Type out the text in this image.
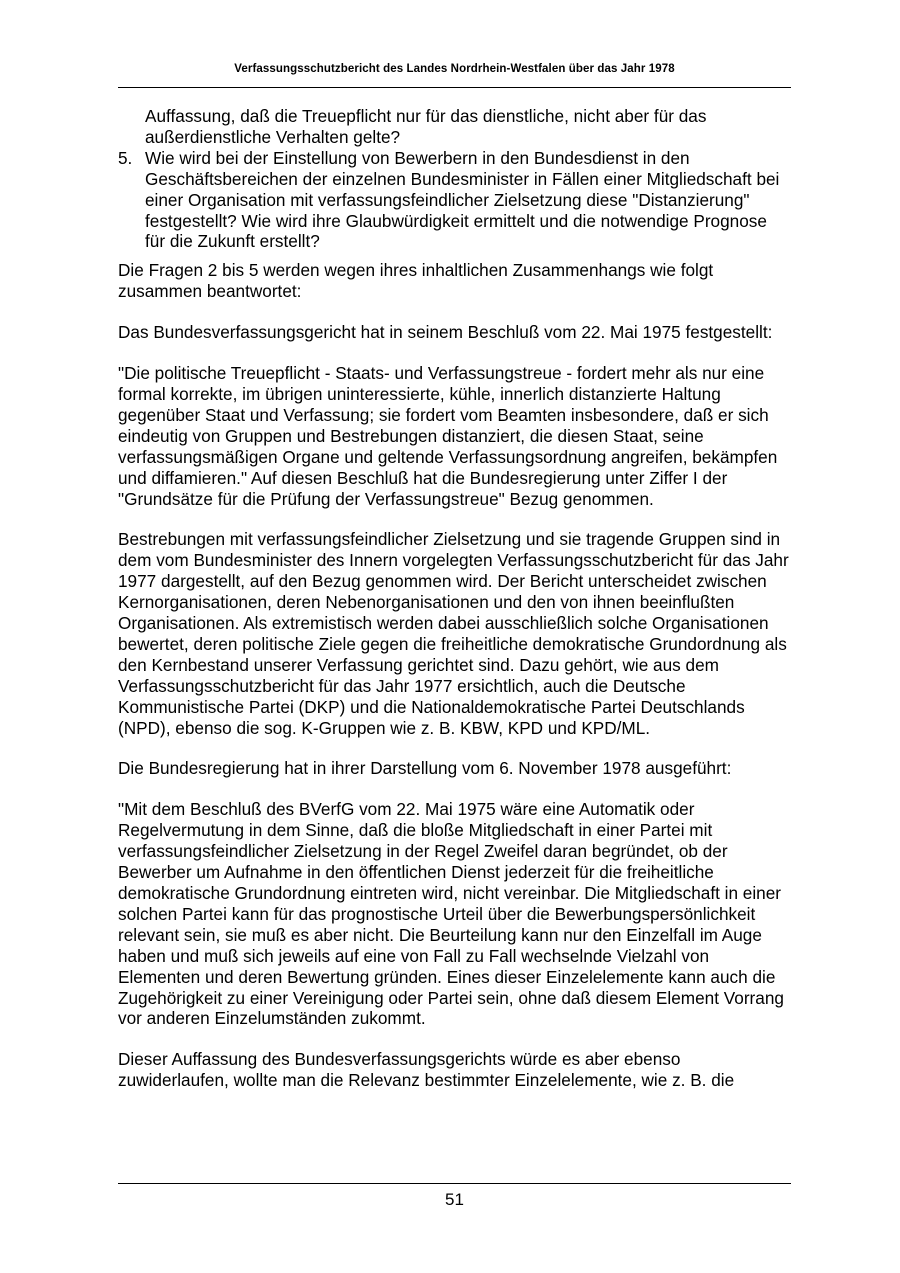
Verfassungsschutzbericht des Landes Nordrhein-Westfalen über das Jahr 1978

Auffassung, daß die Treuepflicht nur für das dienstliche, nicht aber für das außerdienstliche Verhalten gelte?

5. Wie wird bei der Einstellung von Bewerbern in den Bundesdienst in den Geschäftsbereichen der einzelnen Bundesminister in Fällen einer Mitgliedschaft bei einer Organisation mit verfassungsfeindlicher Zielsetzung diese "Distanzierung" festgestellt? Wie wird ihre Glaubwürdigkeit ermittelt und die notwendige Prognose für die Zukunft erstellt?

Die Fragen 2 bis 5 werden wegen ihres inhaltlichen Zusammenhangs wie folgt zusammen beantwortet:

Das Bundesverfassungsgericht hat in seinem Beschluß vom 22. Mai 1975 festgestellt:

"Die politische Treuepflicht - Staats- und Verfassungstreue - fordert mehr als nur eine formal korrekte, im übrigen uninteressierte, kühle, innerlich distanzierte Haltung gegenüber Staat und Verfassung; sie fordert vom Beamten insbesondere, daß er sich eindeutig von Gruppen und Bestrebungen distanziert, die diesen Staat, seine verfassungsmäßigen Organe und geltende Verfassungsordnung angreifen, bekämpfen und diffamieren." Auf diesen Beschluß hat die Bundesregierung unter Ziffer I der "Grundsätze für die Prüfung der Verfassungstreue" Bezug genommen.

Bestrebungen mit verfassungsfeindlicher Zielsetzung und sie tragende Gruppen sind in dem vom Bundesminister des Innern vorgelegten Verfassungsschutzbericht für das Jahr 1977 dargestellt, auf den Bezug genommen wird. Der Bericht unterscheidet zwischen Kernorganisationen, deren Nebenorganisationen und den von ihnen beeinflußten Organisationen. Als extremistisch werden dabei ausschließlich solche Organisationen bewertet, deren politische Ziele gegen die freiheitliche demokratische Grundordnung als den Kernbestand unserer Verfassung gerichtet sind. Dazu gehört, wie aus dem Verfassungsschutzbericht für das Jahr 1977 ersichtlich, auch die Deutsche Kommunistische Partei (DKP) und die Nationaldemokratische Partei Deutschlands (NPD), ebenso die sog. K-Gruppen wie z. B. KBW, KPD und KPD/ML.

Die Bundesregierung hat in ihrer Darstellung vom 6. November 1978 ausgeführt:

"Mit dem Beschluß des BVerfG vom 22. Mai 1975 wäre eine Automatik oder Regelvermutung in dem Sinne, daß die bloße Mitgliedschaft in einer Partei mit verfassungsfeindlicher Zielsetzung in der Regel Zweifel daran begründet, ob der Bewerber um Aufnahme in den öffentlichen Dienst jederzeit für die freiheitliche demokratische Grundordnung eintreten wird, nicht vereinbar. Die Mitgliedschaft in einer solchen Partei kann für das prognostische Urteil über die Bewerbungspersönlichkeit relevant sein, sie muß es aber nicht. Die Beurteilung kann nur den Einzelfall im Auge haben und muß sich jeweils auf eine von Fall zu Fall wechselnde Vielzahl von Elementen und deren Bewertung gründen. Eines dieser Einzelelemente kann auch die Zugehörigkeit zu einer Vereinigung oder Partei sein, ohne daß diesem Element Vorrang vor anderen Einzelumständen zukommt.

Dieser Auffassung des Bundesverfassungsgerichts würde es aber ebenso zuwiderlaufen, wollte man die Relevanz bestimmter Einzelelemente, wie z. B. die

51
